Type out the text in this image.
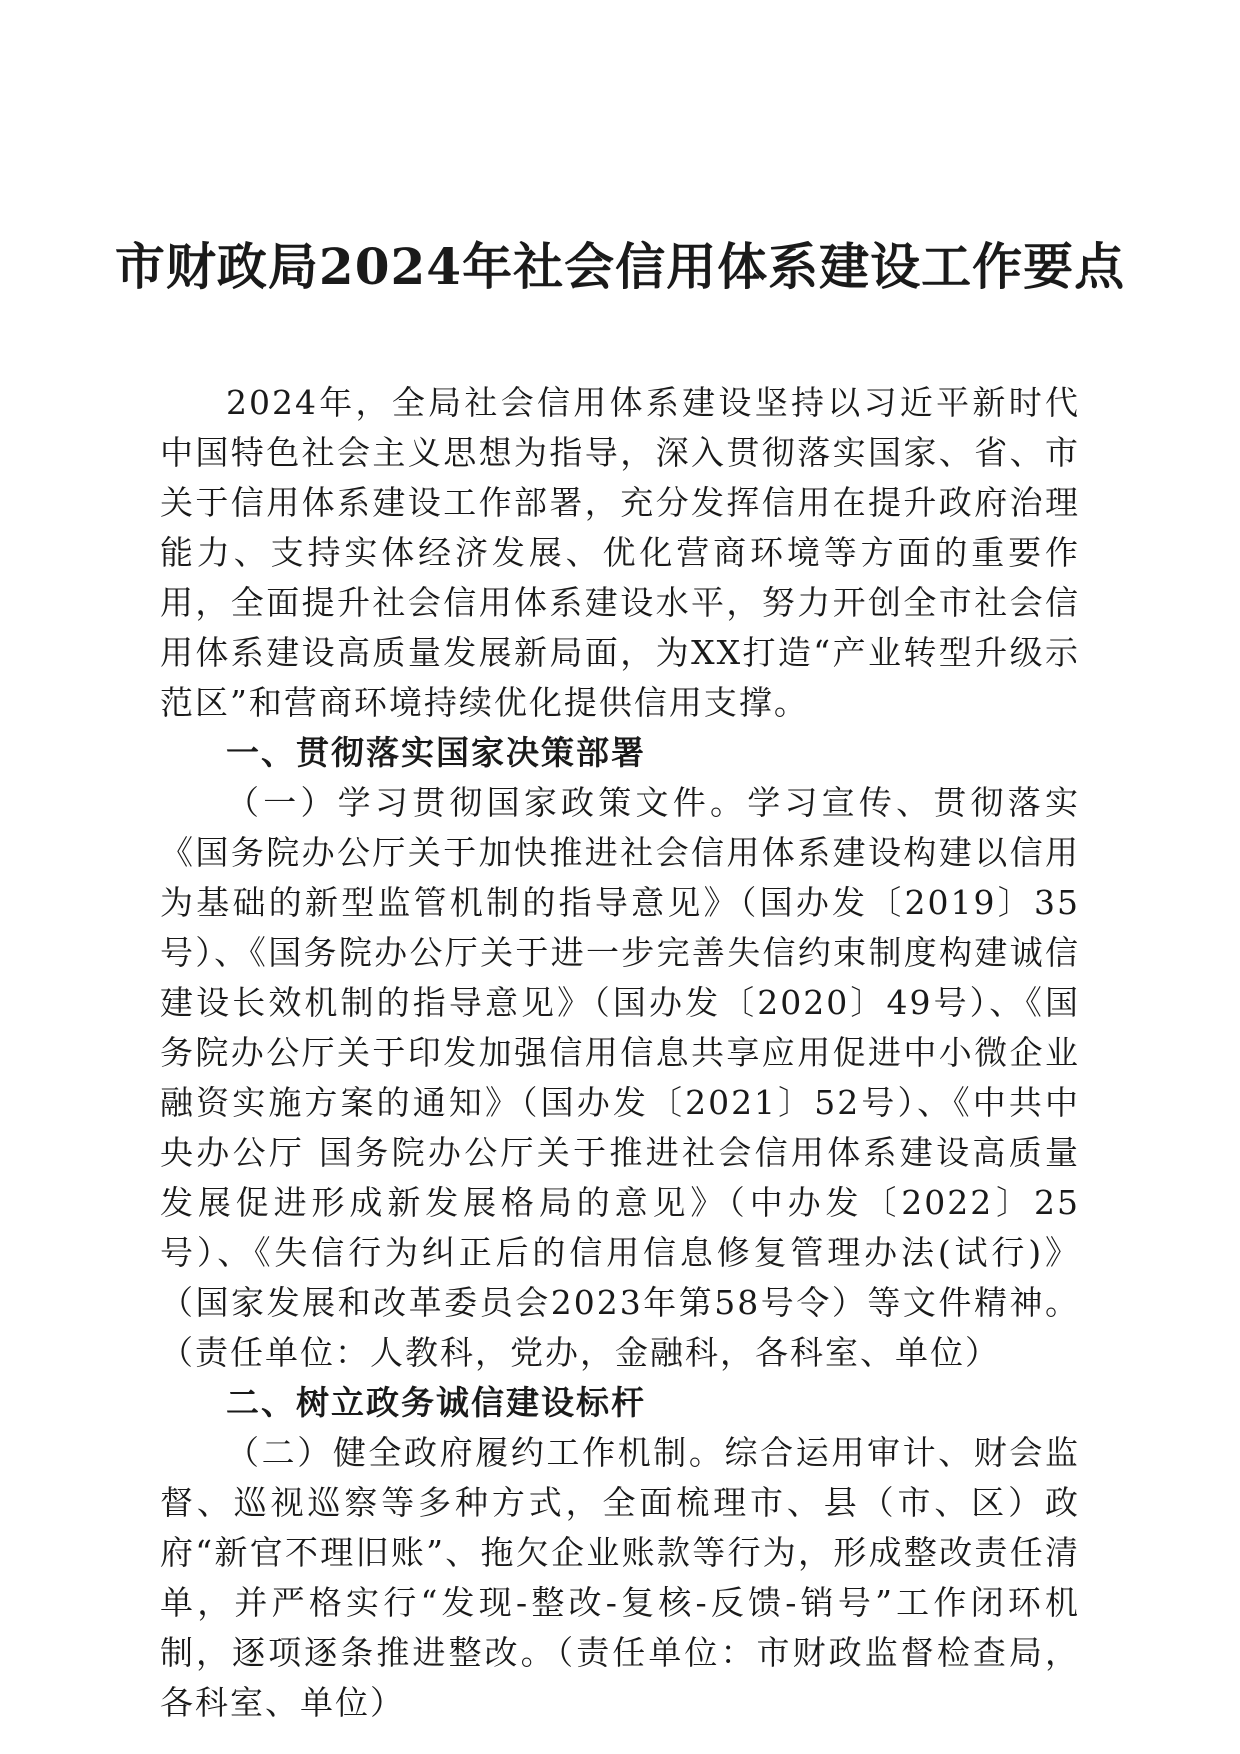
市财政局2024年社会信用体系建设工作要点

2024年，全局社会信用体系建设坚持以习近平新时代中国特色社会主义思想为指导，深入贯彻落实国家、省、市关于信用体系建设工作部署，充分发挥信用在提升政府治理能力、支持实体经济发展、优化营商环境等方面的重要作用，全面提升社会信用体系建设水平，努力开创全市社会信用体系建设高质量发展新局面，为XX打造“产业转型升级示范区”和营商环境持续优化提供信用支撑。

一、贯彻落实国家决策部署

（一）学习贯彻国家政策文件。学习宣传、贯彻落实《国务院办公厅关于加快推进社会信用体系建设构建以信用为基础的新型监管机制的指导意见》（国办发〔2019〕35号）、《国务院办公厅关于进一步完善失信约束制度构建诚信建设长效机制的指导意见》（国办发〔2020〕49号）、《国务院办公厅关于印发加强信用信息共享应用促进中小微企业融资实施方案的通知》（国办发〔2021〕52号）、《中共中央办公厅 国务院办公厅关于推进社会信用体系建设高质量发展促进形成新发展格局的意见》（中办发〔2022〕25号）、《失信行为纠正后的信用信息修复管理办法(试行)》（国家发展和改革委员会2023年第58号令）等文件精神。（责任单位：人教科，党办，金融科，各科室、单位）

二、树立政务诚信建设标杆

（二）健全政府履约工作机制。综合运用审计、财会监督、巡视巡察等多种方式，全面梳理市、县（市、区）政府“新官不理旧账”、拖欠企业账款等行为，形成整改责任清单，并严格实行“发现-整改-复核-反馈-销号”工作闭环机制，逐项逐条推进整改。（责任单位：市财政监督检查局，各科室、单位）
